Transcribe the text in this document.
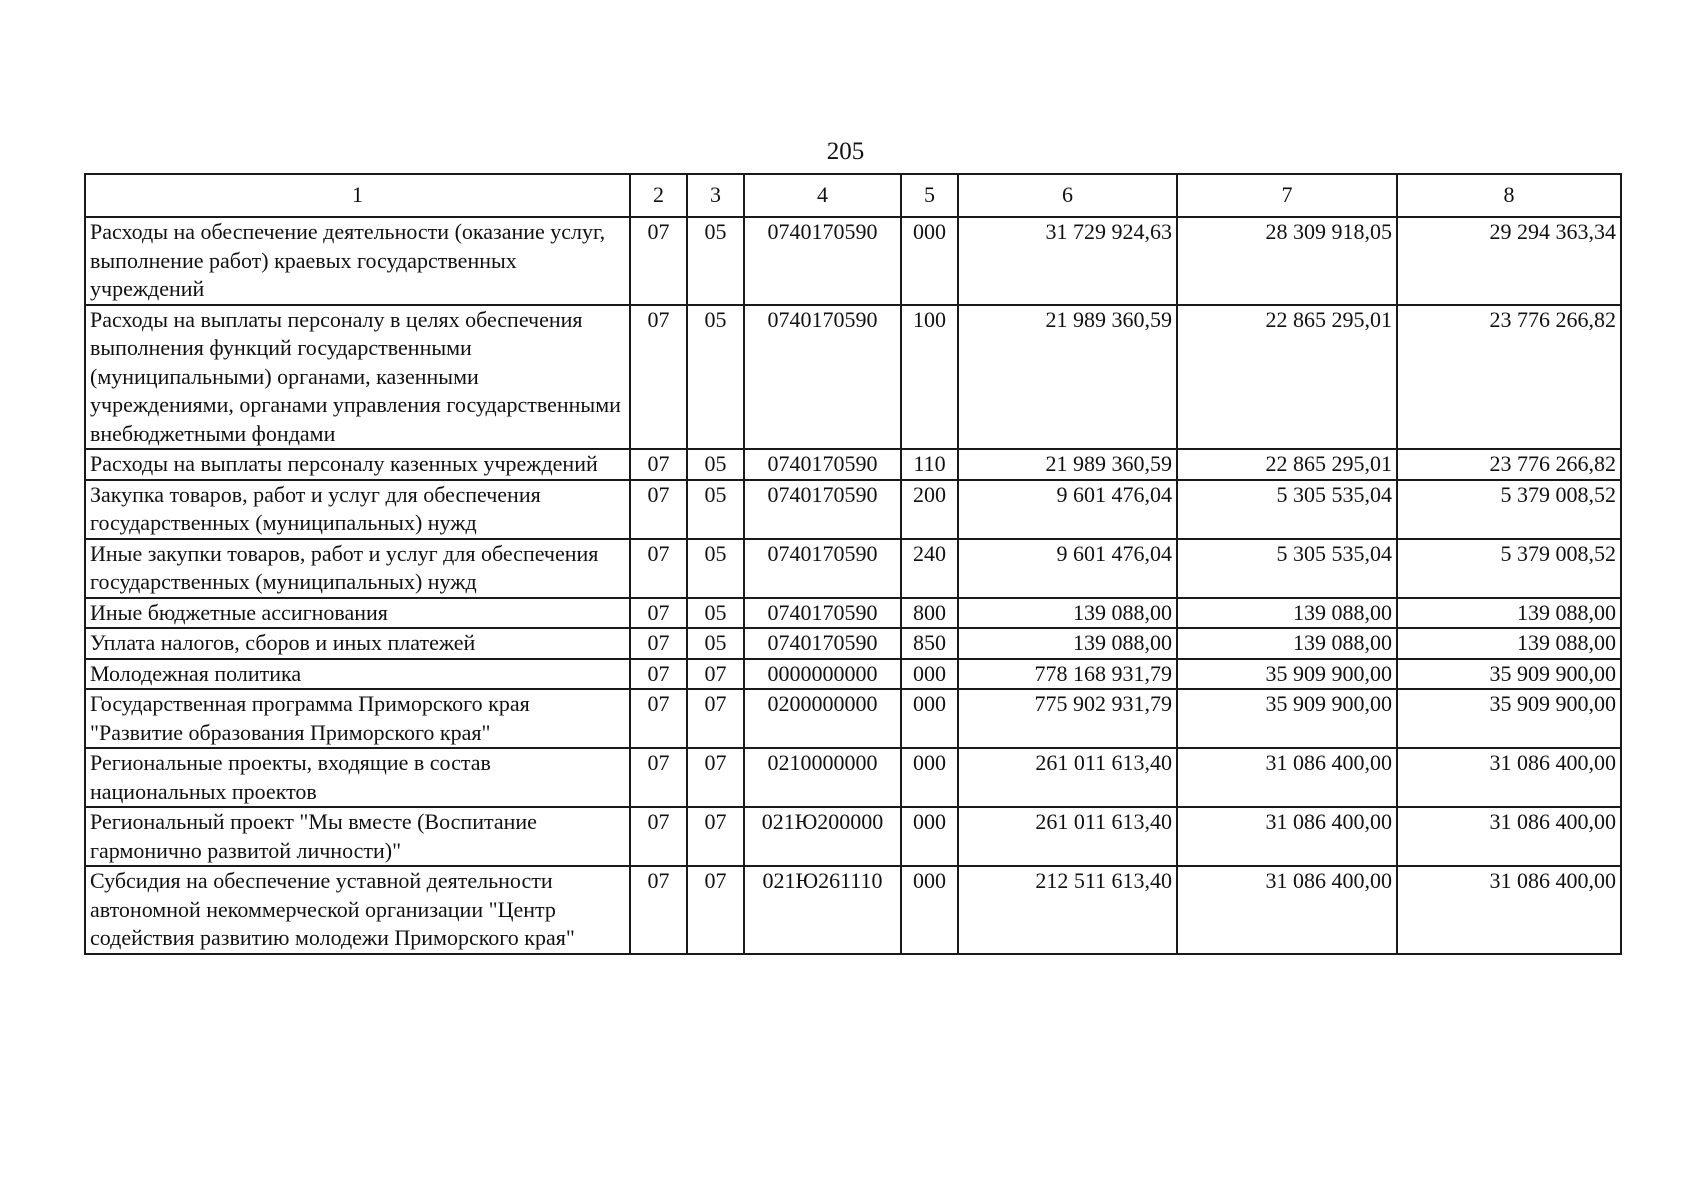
205
1	2	3	4	5	6	7	8
Расходы на обеспечение деятельности (оказание услуг, выполнение работ) краевых государственных учреждений	07	05	0740170590	000	31 729 924,63	28 309 918,05	29 294 363,34
Расходы на выплаты персоналу в целях обеспечения выполнения функций государственными (муниципальными) органами, казенными учреждениями, органами управления государственными внебюджетными фондами	07	05	0740170590	100	21 989 360,59	22 865 295,01	23 776 266,82
Расходы на выплаты персоналу казенных учреждений	07	05	0740170590	110	21 989 360,59	22 865 295,01	23 776 266,82
Закупка товаров, работ и услуг для обеспечения государственных (муниципальных) нужд	07	05	0740170590	200	9 601 476,04	5 305 535,04	5 379 008,52
Иные закупки товаров, работ и услуг для обеспечения государственных (муниципальных) нужд	07	05	0740170590	240	9 601 476,04	5 305 535,04	5 379 008,52
Иные бюджетные ассигнования	07	05	0740170590	800	139 088,00	139 088,00	139 088,00
Уплата налогов, сборов и иных платежей	07	05	0740170590	850	139 088,00	139 088,00	139 088,00
Молодежная политика	07	07	0000000000	000	778 168 931,79	35 909 900,00	35 909 900,00
Государственная программа Приморского края "Развитие образования Приморского края"	07	07	0200000000	000	775 902 931,79	35 909 900,00	35 909 900,00
Региональные проекты, входящие в состав национальных проектов	07	07	0210000000	000	261 011 613,40	31 086 400,00	31 086 400,00
Региональный проект "Мы вместе (Воспитание гармонично развитой личности)"	07	07	021Ю200000	000	261 011 613,40	31 086 400,00	31 086 400,00
Субсидия на обеспечение уставной деятельности автономной некоммерческой организации "Центр содействия развитию молодежи Приморского края"	07	07	021Ю261110	000	212 511 613,40	31 086 400,00	31 086 400,00
